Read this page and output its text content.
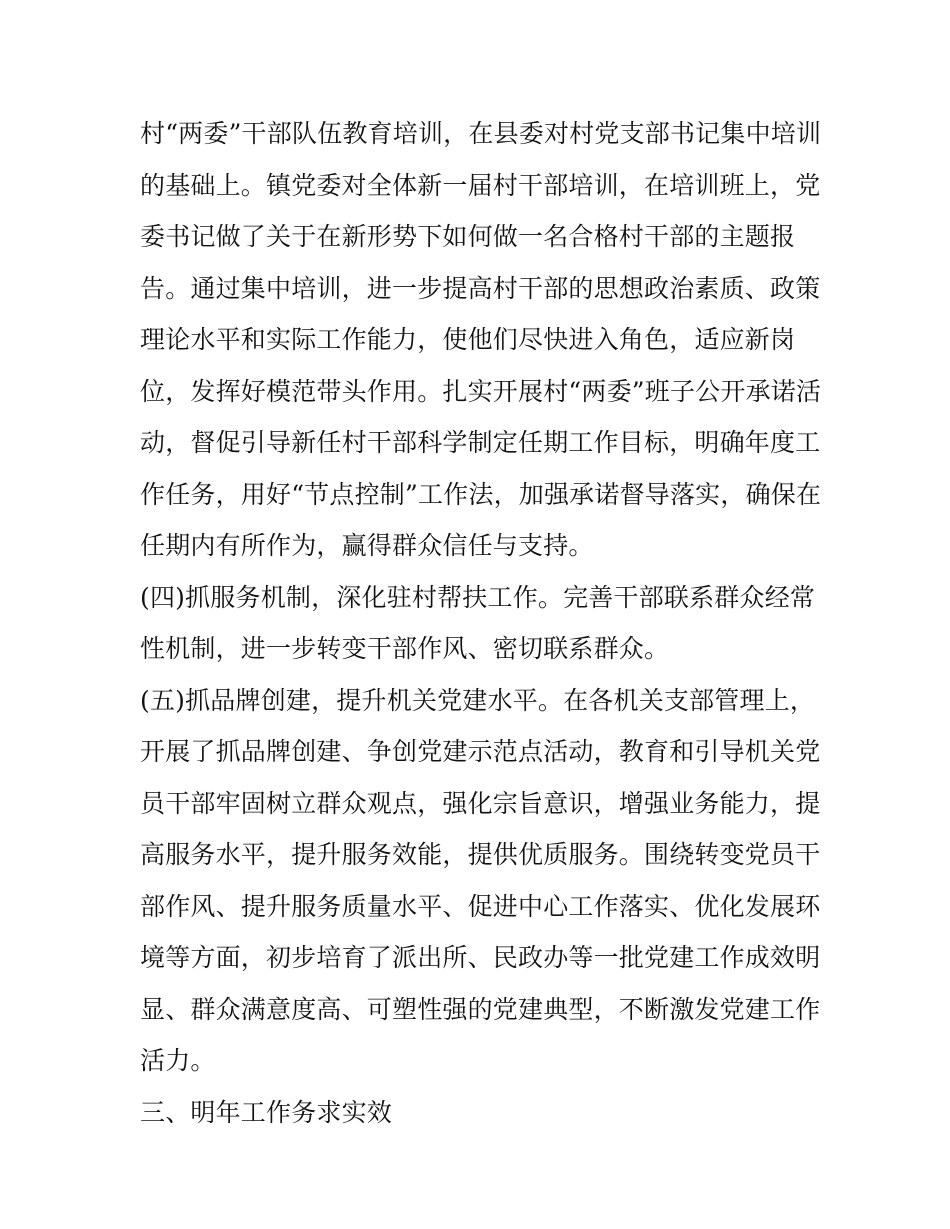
村“两委”干部队伍教育培训，在县委对村党支部书记集中培训
的基础上。镇党委对全体新一届村干部培训，在培训班上，党
委书记做了关于在新形势下如何做一名合格村干部的主题报
告。通过集中培训，进一步提高村干部的思想政治素质、政策
理论水平和实际工作能力，使他们尽快进入角色，适应新岗
位，发挥好模范带头作用。扎实开展村“两委”班子公开承诺活
动，督促引导新任村干部科学制定任期工作目标，明确年度工
作任务，用好“节点控制”工作法，加强承诺督导落实，确保在
任期内有所作为，赢得群众信任与支持。
(四)抓服务机制，深化驻村帮扶工作。完善干部联系群众经常
性机制，进一步转变干部作风、密切联系群众。
(五)抓品牌创建，提升机关党建水平。在各机关支部管理上，
开展了抓品牌创建、争创党建示范点活动，教育和引导机关党
员干部牢固树立群众观点，强化宗旨意识，增强业务能力，提
高服务水平，提升服务效能，提供优质服务。围绕转变党员干
部作风、提升服务质量水平、促进中心工作落实、优化发展环
境等方面，初步培育了派出所、民政办等一批党建工作成效明
显、群众满意度高、可塑性强的党建典型，不断激发党建工作
活力。
三、明年工作务求实效
